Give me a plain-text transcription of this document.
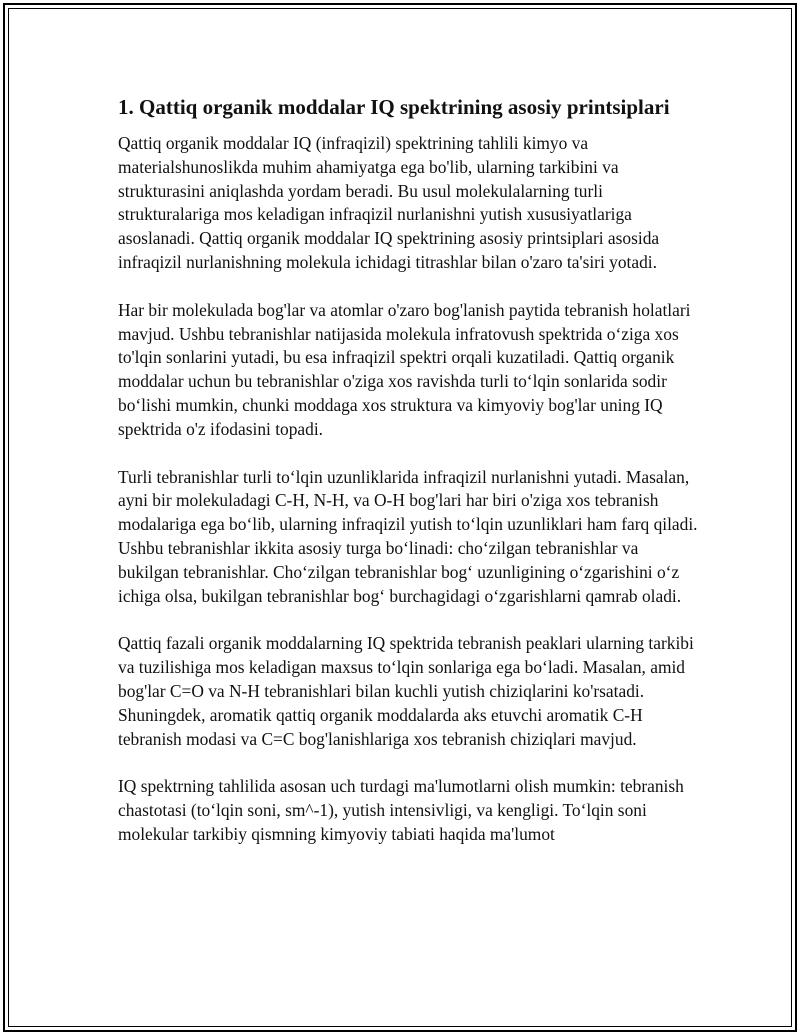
1. Qattiq organik moddalar IQ spektrining asosiy printsiplari

Qattiq organik moddalar IQ (infraqizil) spektrining tahlili kimyo va materialshunoslikda muhim ahamiyatga ega bo'lib, ularning tarkibini va strukturasini aniqlashda yordam beradi. Bu usul molekulalarning turli strukturalariga mos keladigan infraqizil nurlanishni yutish xususiyatlariga asoslanadi. Qattiq organik moddalar IQ spektrining asosiy printsiplari asosida infraqizil nurlanishning molekula ichidagi titrashlar bilan o'zaro ta'siri yotadi.

Har bir molekulada bog'lar va atomlar o'zaro bog'lanish paytida tebranish holatlari mavjud. Ushbu tebranishlar natijasida molekula infratovush spektrida o‘ziga xos to'lqin sonlarini yutadi, bu esa infraqizil spektri orqali kuzatiladi. Qattiq organik moddalar uchun bu tebranishlar o'ziga xos ravishda turli to‘lqin sonlarida sodir bo‘lishi mumkin, chunki moddaga xos struktura va kimyoviy bog'lar uning IQ spektrida o'z ifodasini topadi.

Turli tebranishlar turli to‘lqin uzunliklarida infraqizil nurlanishni yutadi. Masalan, ayni bir molekuladagi C-H, N-H, va O-H bog'lari har biri o'ziga xos tebranish modalariga ega bo‘lib, ularning infraqizil yutish to‘lqin uzunliklari ham farq qiladi. Ushbu tebranishlar ikkita asosiy turga bo‘linadi: cho‘zilgan tebranishlar va bukilgan tebranishlar. Cho‘zilgan tebranishlar bog‘ uzunligining o‘zgarishini o‘z ichiga olsa, bukilgan tebranishlar bog‘ burchagidagi o‘zgarishlarni qamrab oladi.

Qattiq fazali organik moddalarning IQ spektrida tebranish peaklari ularning tarkibi va tuzilishiga mos keladigan maxsus to‘lqin sonlariga ega bo‘ladi. Masalan, amid bog'lar C=O va N-H tebranishlari bilan kuchli yutish chiziqlarini ko'rsatadi. Shuningdek, aromatik qattiq organik moddalarda aks etuvchi aromatik C-H tebranish modasi va C=C bog'lanishlariga xos tebranish chiziqlari mavjud.

IQ spektrning tahlilida asosan uch turdagi ma'lumotlarni olish mumkin: tebranish chastotasi (to‘lqin soni, sm^-1), yutish intensivligi, va kengligi. To‘lqin soni molekular tarkibiy qismning kimyoviy tabiati haqida ma'lumot
